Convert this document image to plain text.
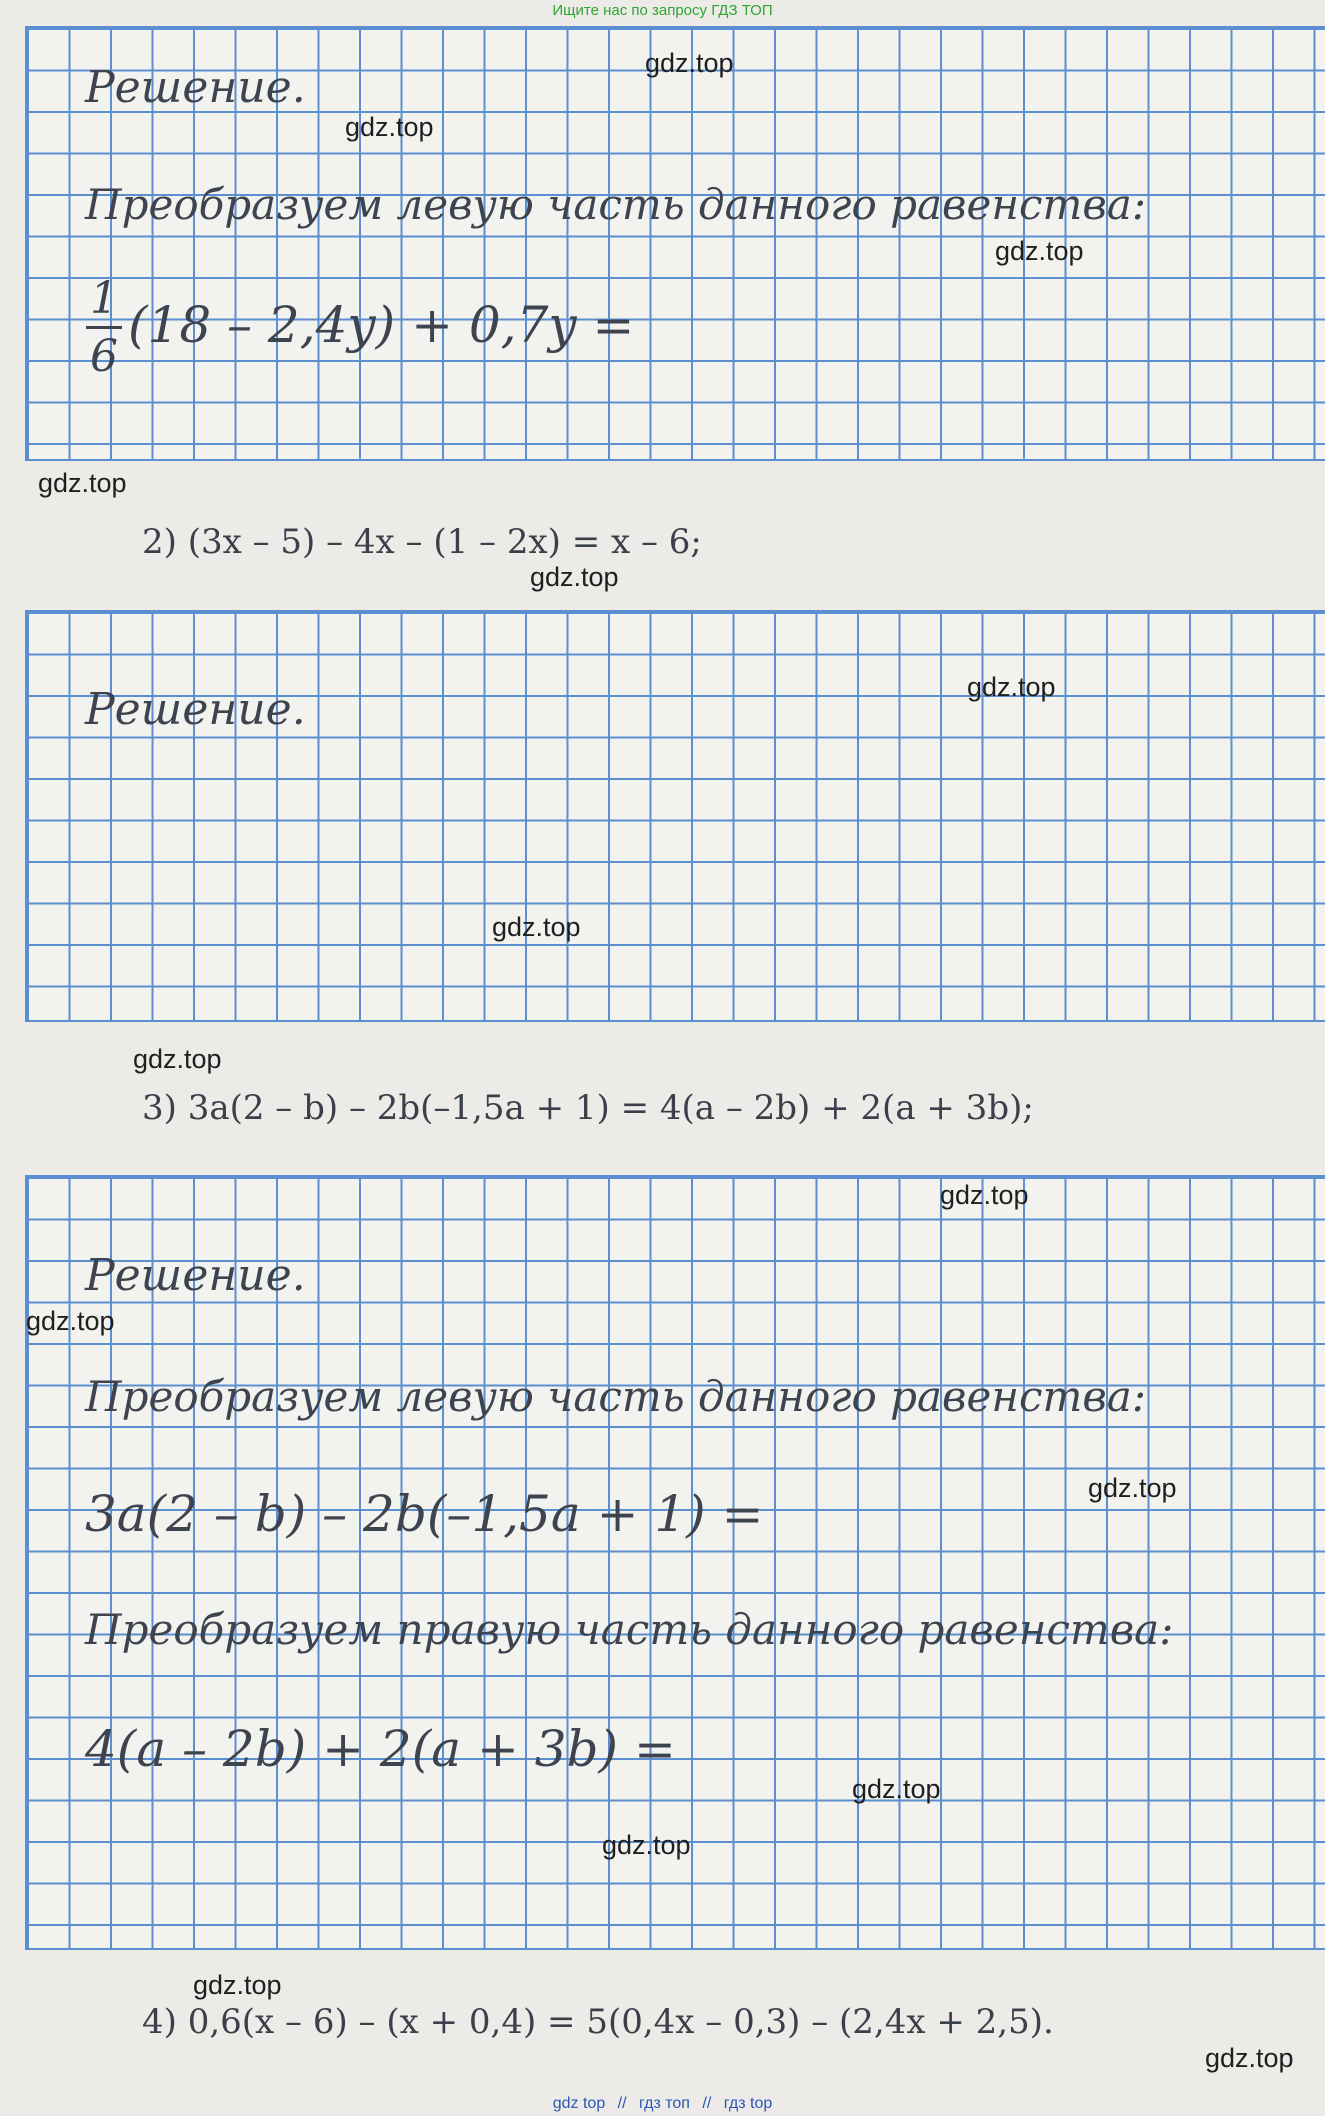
Ищите нас по запросу ГДЗ ТОП
Решение.
Преобразуем левую часть данного равенства:
1
6
(18 – 2,4y) + 0,7y =
2) (3x – 5) – 4x – (1 – 2x) = x – 6;
Решение.
3) 3a(2 – b) – 2b(–1,5a + 1) = 4(a – 2b) + 2(a + 3b);
Решение.
Преобразуем левую часть данного равенства:
3a(2 – b) – 2b(–1,5a + 1) =
Преобразуем правую часть данного равенства:
4(a – 2b) + 2(a + 3b) =
4) 0,6(x – 6) – (x + 0,4) = 5(0,4x – 0,3) – (2,4x + 2,5).
gdz.top
gdz.top
gdz.top
gdz.top
gdz.top
gdz.top
gdz.top
gdz.top
gdz.top
gdz.top
gdz.top
gdz.top
gdz.top
gdz.top
gdz.top
gdz top // гдз топ // гдз top
